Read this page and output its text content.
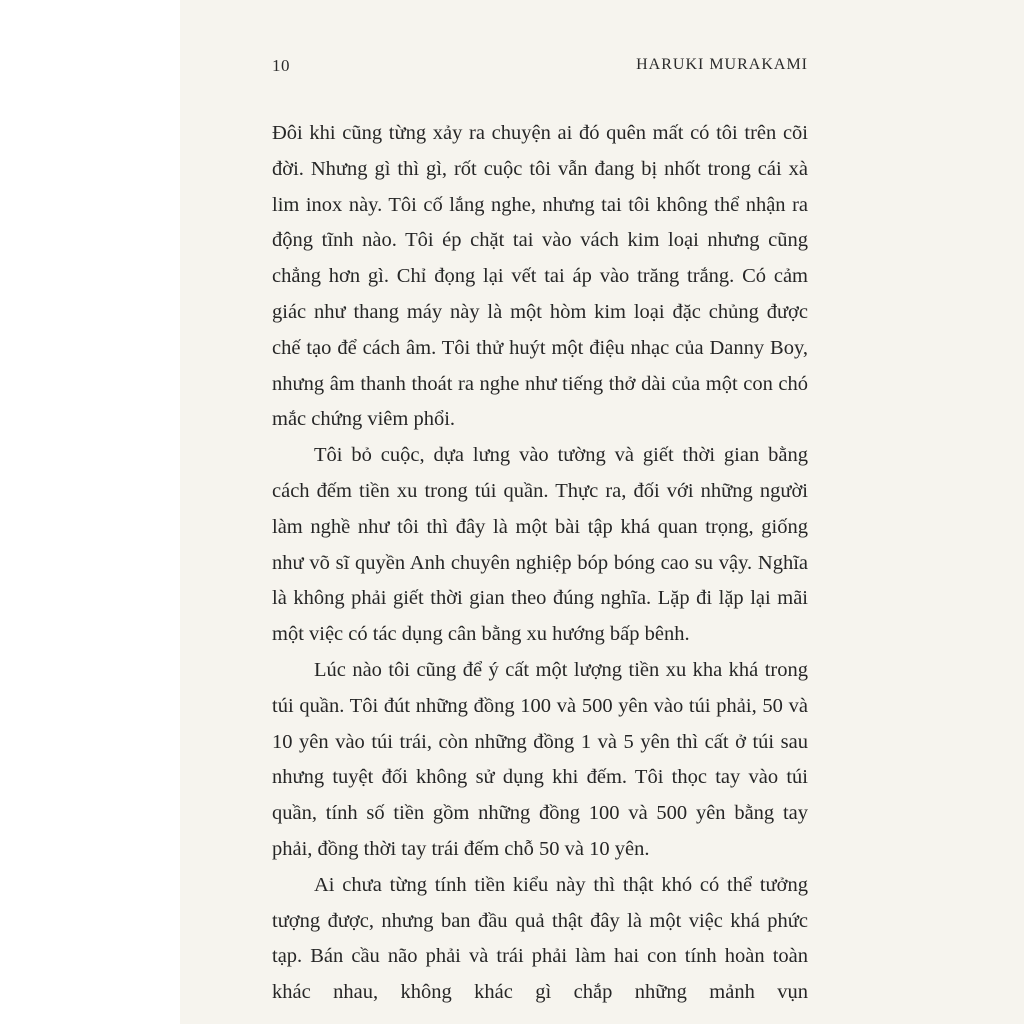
10	HARUKI MURAKAMI

Đôi khi cũng từng xảy ra chuyện ai đó quên mất có tôi trên cõi đời. Nhưng gì thì gì, rốt cuộc tôi vẫn đang bị nhốt trong cái xà lim inox này. Tôi cố lắng nghe, nhưng tai tôi không thể nhận ra động tĩnh nào. Tôi ép chặt tai vào vách kim loại nhưng cũng chẳng hơn gì. Chỉ đọng lại vết tai áp vào trăng trắng. Có cảm giác như thang máy này là một hòm kim loại đặc chủng được chế tạo để cách âm. Tôi thử huýt một điệu nhạc của Danny Boy, nhưng âm thanh thoát ra nghe như tiếng thở dài của một con chó mắc chứng viêm phổi.

Tôi bỏ cuộc, dựa lưng vào tường và giết thời gian bằng cách đếm tiền xu trong túi quần. Thực ra, đối với những người làm nghề như tôi thì đây là một bài tập khá quan trọng, giống như võ sĩ quyền Anh chuyên nghiệp bóp bóng cao su vậy. Nghĩa là không phải giết thời gian theo đúng nghĩa. Lặp đi lặp lại mãi một việc có tác dụng cân bằng xu hướng bấp bênh.

Lúc nào tôi cũng để ý cất một lượng tiền xu kha khá trong túi quần. Tôi đút những đồng 100 và 500 yên vào túi phải, 50 và 10 yên vào túi trái, còn những đồng 1 và 5 yên thì cất ở túi sau nhưng tuyệt đối không sử dụng khi đếm. Tôi thọc tay vào túi quần, tính số tiền gồm những đồng 100 và 500 yên bằng tay phải, đồng thời tay trái đếm chỗ 50 và 10 yên.

Ai chưa từng tính tiền kiểu này thì thật khó có thể tưởng tượng được, nhưng ban đầu quả thật đây là một việc khá phức tạp. Bán cầu não phải và trái phải làm hai con tính hoàn toàn khác nhau, không khác gì chắp những mảnh vụn
